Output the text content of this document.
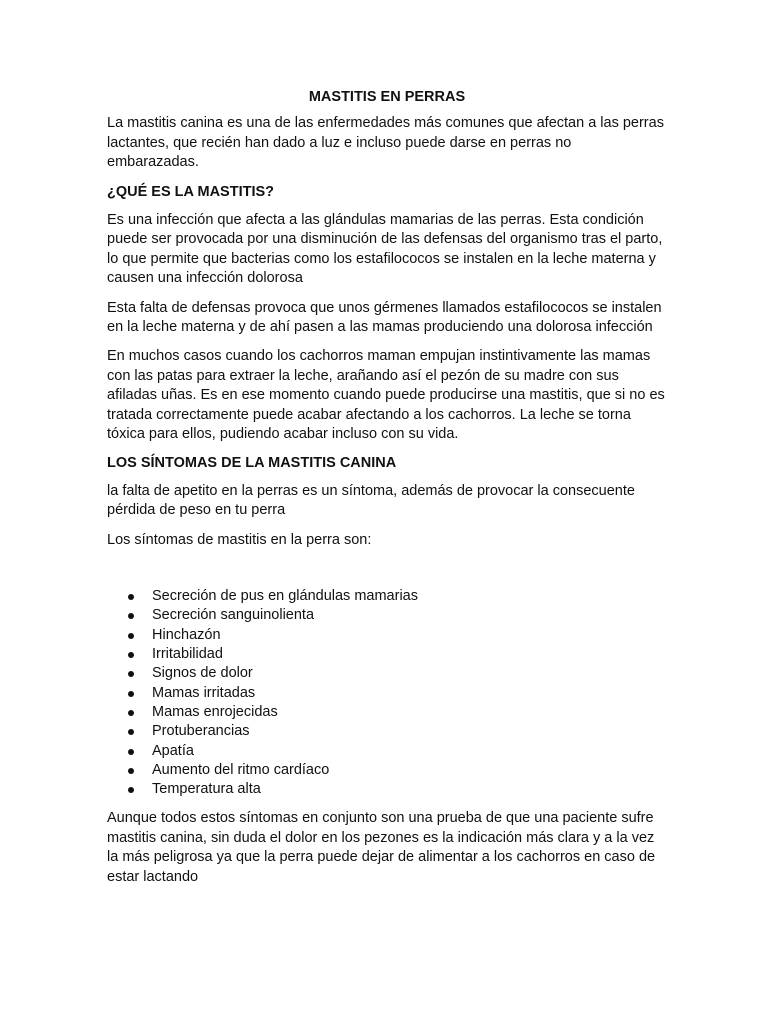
MASTITIS EN PERRAS

La mastitis canina es una de las enfermedades más comunes que afectan a las perras lactantes, que recién han dado a luz e incluso puede darse en perras no embarazadas.

¿QUÉ ES LA MASTITIS?

Es una infección que afecta a las glándulas mamarias de las perras. Esta condición puede ser provocada por una disminución de las defensas del organismo tras el parto, lo que permite que bacterias como los estafilococos se instalen en la leche materna y causen una infección dolorosa

Esta falta de defensas provoca que unos gérmenes llamados estafilococos se instalen en la leche materna y de ahí pasen a las mamas produciendo una dolorosa infección

En muchos casos cuando los cachorros maman empujan instintivamente las mamas con las patas para extraer la leche, arañando así el pezón de su madre con sus afiladas uñas. Es en ese momento cuando puede producirse una mastitis, que si no es tratada correctamente puede acabar afectando a los cachorros. La leche se torna tóxica para ellos, pudiendo acabar incluso con su vida.

LOS SÍNTOMAS DE LA MASTITIS CANINA

la falta de apetito en la perras es un síntoma, además de provocar la consecuente pérdida de peso en tu perra

Los síntomas de mastitis en la perra son:

Secreción de pus en glándulas mamarias
Secreción sanguinolienta
Hinchazón
Irritabilidad
Signos de dolor
Mamas irritadas
Mamas enrojecidas
Protuberancias
Apatía
Aumento del ritmo cardíaco
Temperatura alta

Aunque todos estos síntomas en conjunto son una prueba de que una paciente sufre mastitis canina, sin duda el dolor en los pezones es la indicación más clara y a la vez la más peligrosa ya que la perra puede dejar de alimentar a los cachorros en caso de estar lactando
